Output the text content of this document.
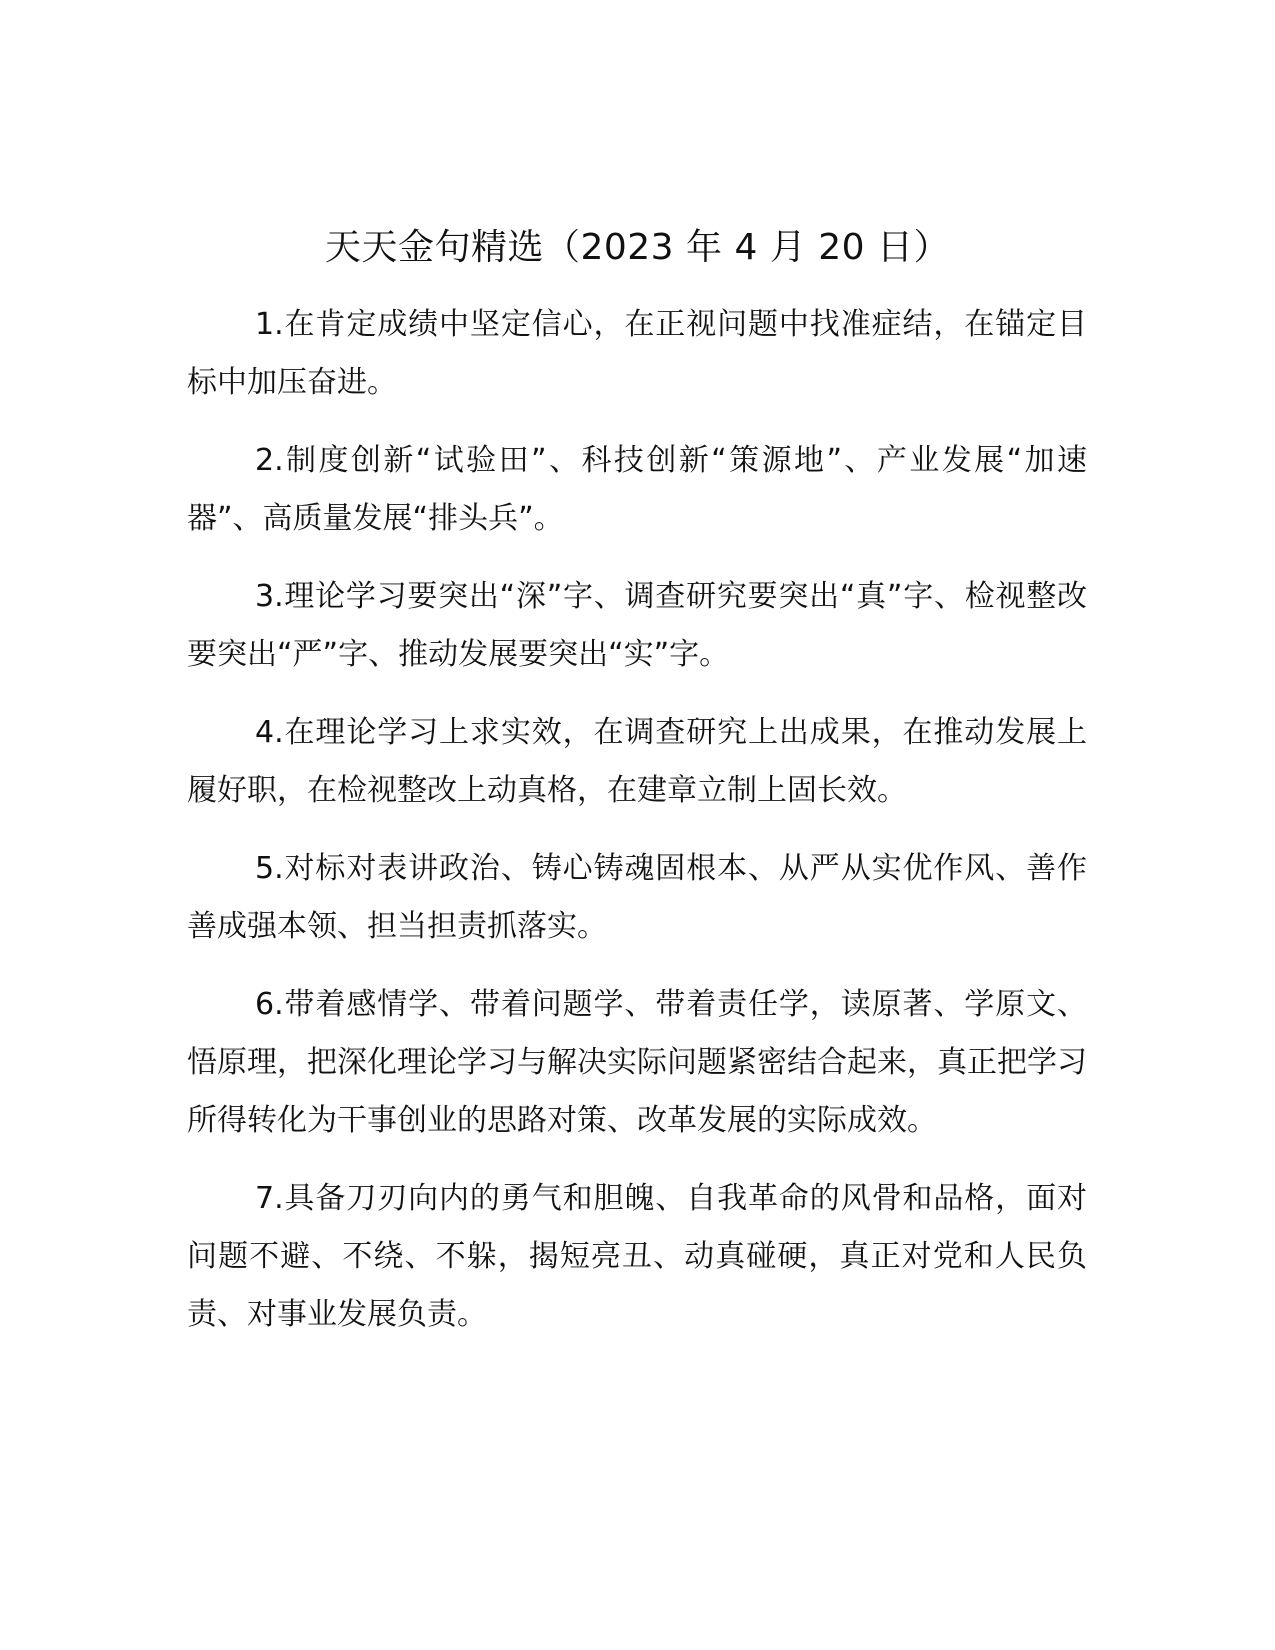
天天金句精选（2023 年 4 月 20 日）

1.在肯定成绩中坚定信心，在正视问题中找准症结，在锚定目标中加压奋进。

2.制度创新“试验田”、科技创新“策源地”、产业发展“加速器”、高质量发展“排头兵”。

3.理论学习要突出“深”字、调查研究要突出“真”字、检视整改要突出“严”字、推动发展要突出“实”字。

4.在理论学习上求实效，在调查研究上出成果，在推动发展上履好职，在检视整改上动真格，在建章立制上固长效。

5.对标对表讲政治、铸心铸魂固根本、从严从实优作风、善作善成强本领、担当担责抓落实。

6.带着感情学、带着问题学、带着责任学，读原著、学原文、悟原理，把深化理论学习与解决实际问题紧密结合起来，真正把学习所得转化为干事创业的思路对策、改革发展的实际成效。

7.具备刀刃向内的勇气和胆魄、自我革命的风骨和品格，面对问题不避、不绕、不躲，揭短亮丑、动真碰硬，真正对党和人民负责、对事业发展负责。
